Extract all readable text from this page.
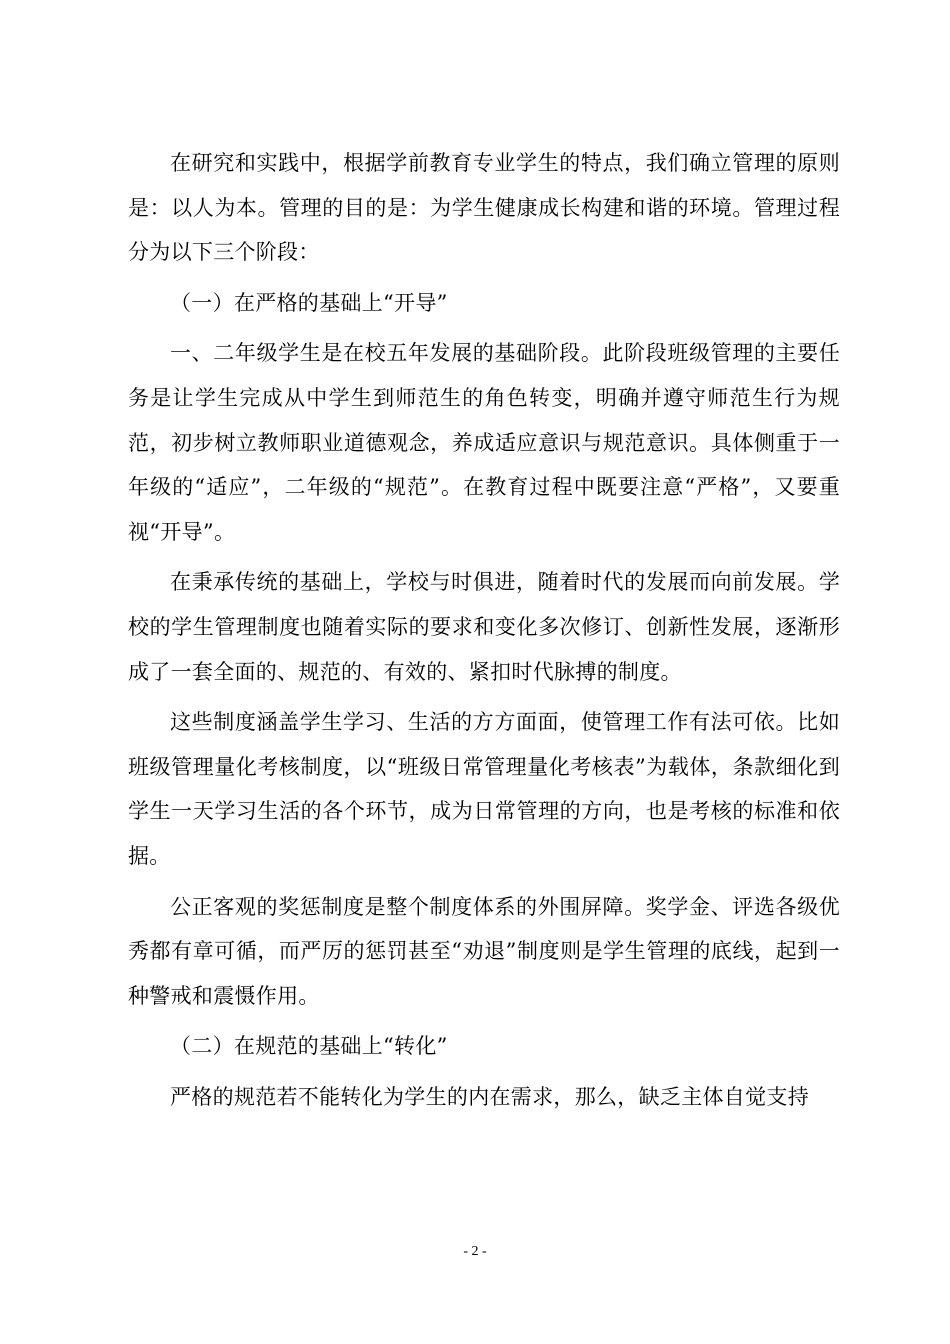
在研究和实践中，根据学前教育专业学生的特点，我们确立管理的原则是：以人为本。管理的目的是：为学生健康成长构建和谐的环境。管理过程分为以下三个阶段：

（一）在严格的基础上“开导”

一、二年级学生是在校五年发展的基础阶段。此阶段班级管理的主要任务是让学生完成从中学生到师范生的角色转变，明确并遵守师范生行为规范，初步树立教师职业道德观念，养成适应意识与规范意识。具体侧重于一年级的“适应”，二年级的“规范”。在教育过程中既要注意“严格”，又要重视“开导”。

在秉承传统的基础上，学校与时俱进，随着时代的发展而向前发展。学校的学生管理制度也随着实际的要求和变化多次修订、创新性发展，逐渐形成了一套全面的、规范的、有效的、紧扣时代脉搏的制度。

这些制度涵盖学生学习、生活的方方面面，使管理工作有法可依。比如班级管理量化考核制度，以“班级日常管理量化考核表”为载体，条款细化到学生一天学习生活的各个环节，成为日常管理的方向，也是考核的标准和依据。

公正客观的奖惩制度是整个制度体系的外围屏障。奖学金、评选各级优秀都有章可循，而严厉的惩罚甚至“劝退”制度则是学生管理的底线，起到一种警戒和震慑作用。

（二）在规范的基础上“转化”

严格的规范若不能转化为学生的内在需求，那么，缺乏主体自觉支持

- 2 -
